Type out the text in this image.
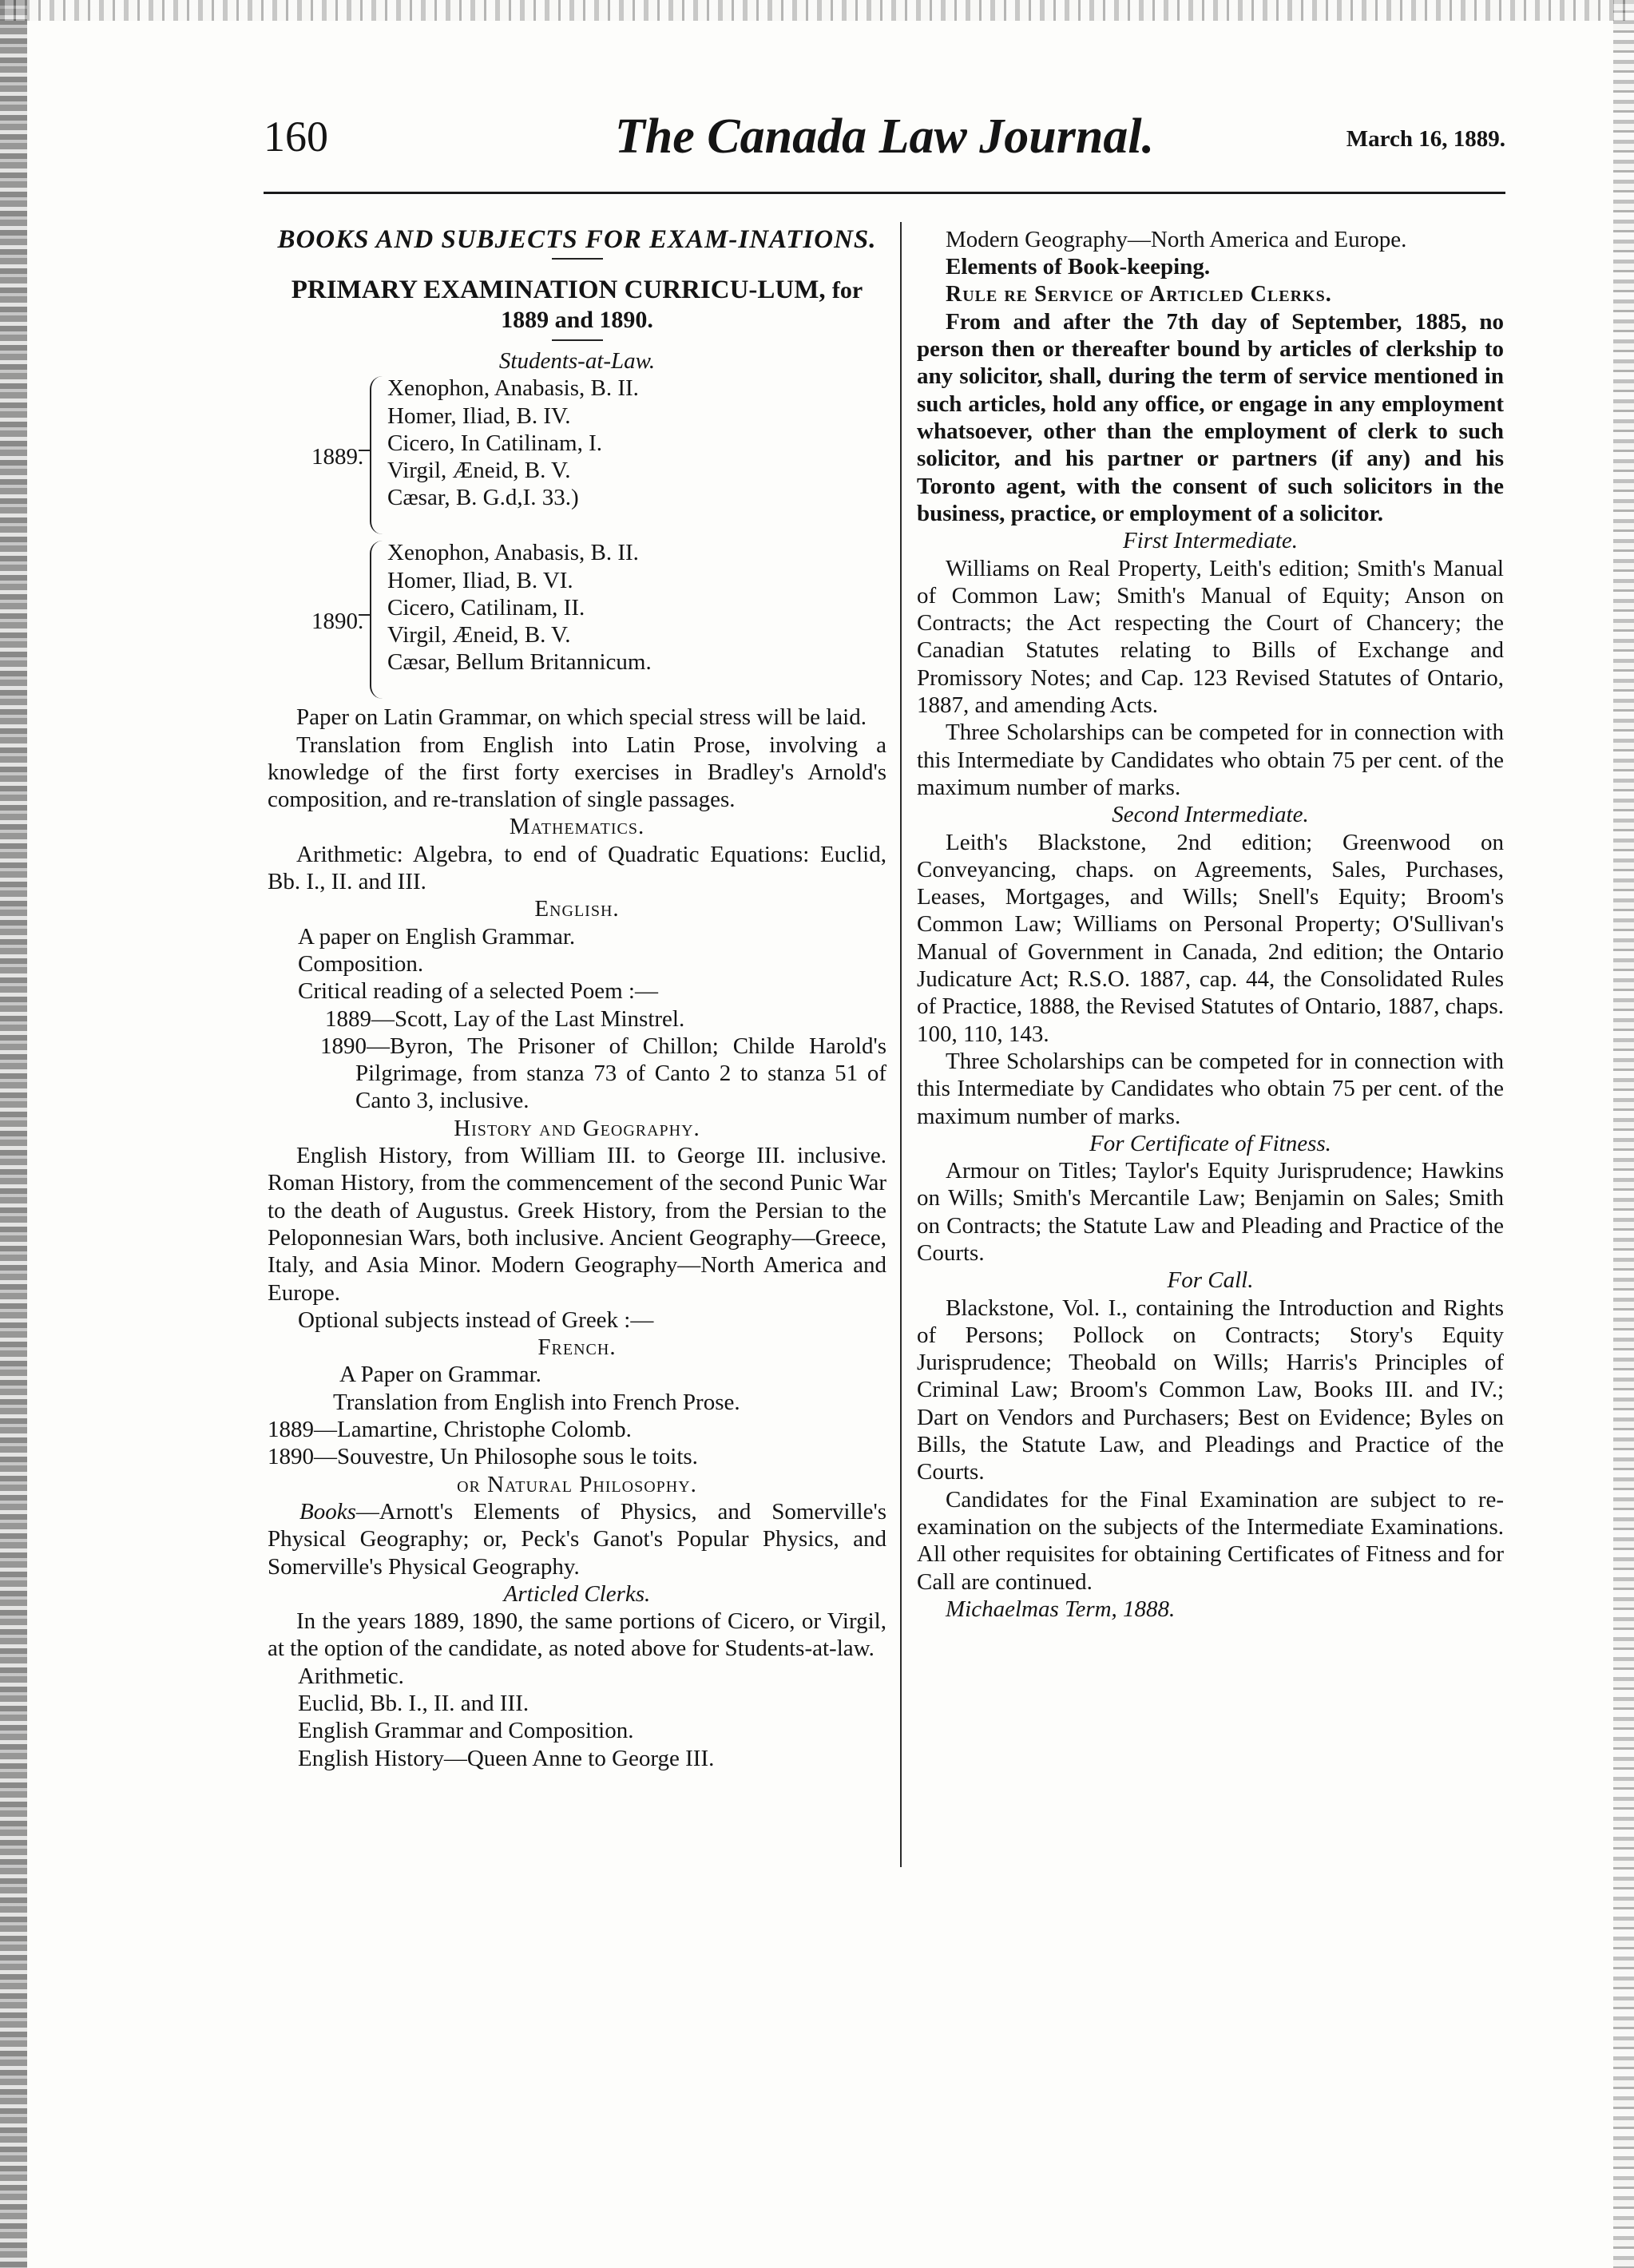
160	The Canada Law Journal.	March 16, 1889.

BOOKS AND SUBJECTS FOR EXAM-INATIONS.

PRIMARY EXAMINATION CURRICU-LUM, for 1889 and 1890.

Students-at-Law.

1889.
Xenophon, Anabasis, B. II.
Homer, Iliad, B. IV.
Cicero, In Catilinam, I.
Virgil, Æneid, B. V.
Cæsar, B. G.d,I. 33.)
1890.
Xenophon, Anabasis, B. II.
Homer, Iliad, B. VI.
Cicero, Catilinam, II.
Virgil, Æneid, B. V.
Cæsar, Bellum Britannicum.

Paper on Latin Grammar, on which special stress will be laid.

Translation from English into Latin Prose, involving a knowledge of the first forty exercises in Bradley's Arnold's composition, and re-translation of single passages.

Mathematics.

Arithmetic: Algebra, to end of Quadratic Equations: Euclid, Bb. I., II. and III.

English.

A paper on English Grammar.

Composition.

Critical reading of a selected Poem :—

1889—Scott, Lay of the Last Minstrel.

1890—Byron, The Prisoner of Chillon; Childe Harold's Pilgrimage, from stanza 73 of Canto 2 to stanza 51 of Canto 3, inclusive.

History and Geography.

English History, from William III. to George III. inclusive. Roman History, from the commencement of the second Punic War to the death of Augustus. Greek History, from the Persian to the Peloponnesian Wars, both inclusive. Ancient Geography—Greece, Italy, and Asia Minor. Modern Geography—North America and Europe.

Optional subjects instead of Greek :—

French.

A Paper on Grammar.

Translation from English into French Prose.

1889—Lamartine, Christophe Colomb.

1890—Souvestre, Un Philosophe sous le toits.

or Natural Philosophy.

Books—Arnott's Elements of Physics, and Somerville's Physical Geography; or, Peck's Ganot's Popular Physics, and Somerville's Physical Geography.

Articled Clerks.

In the years 1889, 1890, the same portions of Cicero, or Virgil, at the option of the candidate, as noted above for Students-at-law.

Arithmetic.

Euclid, Bb. I., II. and III.

English Grammar and Composition.

English History—Queen Anne to George III.

Modern Geography—North America and Europe.

Elements of Book-keeping.

Rule re Service of Articled Clerks.

From and after the 7th day of September, 1885, no person then or thereafter bound by articles of clerkship to any solicitor, shall, during the term of service mentioned in such articles, hold any office, or engage in any employment whatsoever, other than the employment of clerk to such solicitor, and his partner or partners (if any) and his Toronto agent, with the consent of such solicitors in the business, practice, or employment of a solicitor.

First Intermediate.

Williams on Real Property, Leith's edition; Smith's Manual of Common Law; Smith's Manual of Equity; Anson on Contracts; the Act respecting the Court of Chancery; the Canadian Statutes relating to Bills of Exchange and Promissory Notes; and Cap. 123 Revised Statutes of Ontario, 1887, and amending Acts.

Three Scholarships can be competed for in connection with this Intermediate by Candidates who obtain 75 per cent. of the maximum number of marks.

Second Intermediate.

Leith's Blackstone, 2nd edition; Greenwood on Conveyancing, chaps. on Agreements, Sales, Purchases, Leases, Mortgages, and Wills; Snell's Equity; Broom's Common Law; Williams on Personal Property; O'Sullivan's Manual of Government in Canada, 2nd edition; the Ontario Judicature Act; R.S.O. 1887, cap. 44, the Consolidated Rules of Practice, 1888, the Revised Statutes of Ontario, 1887, chaps. 100, 110, 143.

Three Scholarships can be competed for in connection with this Intermediate by Candidates who obtain 75 per cent. of the maximum number of marks.

For Certificate of Fitness.

Armour on Titles; Taylor's Equity Jurisprudence; Hawkins on Wills; Smith's Mercantile Law; Benjamin on Sales; Smith on Contracts; the Statute Law and Pleading and Practice of the Courts.

For Call.

Blackstone, Vol. I., containing the Introduction and Rights of Persons; Pollock on Contracts; Story's Equity Jurisprudence; Theobald on Wills; Harris's Principles of Criminal Law; Broom's Common Law, Books III. and IV.; Dart on Vendors and Purchasers; Best on Evidence; Byles on Bills, the Statute Law, and Pleadings and Practice of the Courts.

Candidates for the Final Examination are subject to re-examination on the subjects of the Intermediate Examinations. All other requisites for obtaining Certificates of Fitness and for Call are continued.

Michaelmas Term, 1888.
